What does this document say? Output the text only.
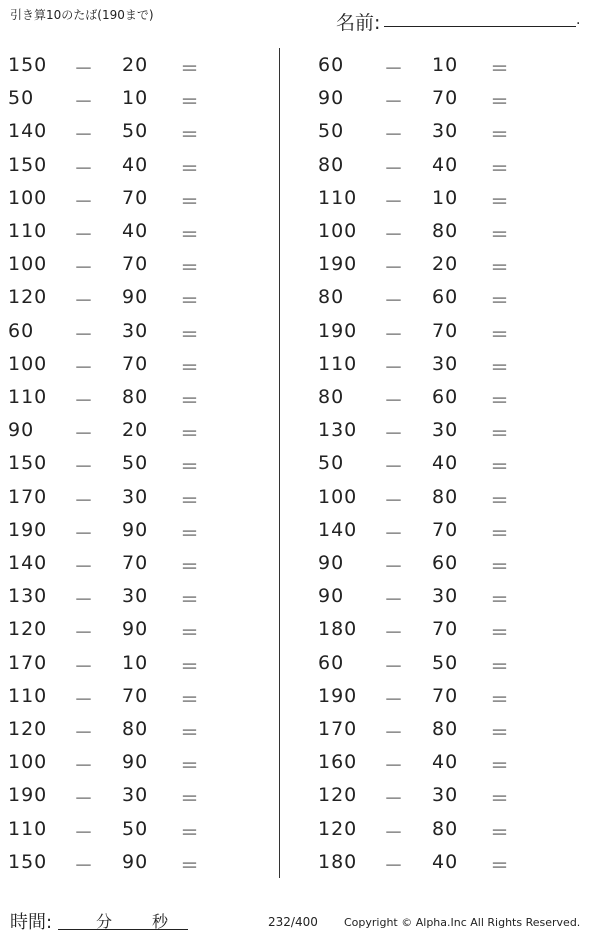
引き算10のたば(190まで)	名前:	.
150 － 20	＝
50	－ 10	＝
140 － 50	＝
150 － 40	＝
100 － 70	＝
110 － 40	＝
100 － 70	＝
120 － 90	＝
60	－ 30	＝
100 － 70	＝
110 － 80	＝
90	－ 20	＝
150 － 50	＝
170 － 30	＝
190 － 90	＝
140 － 70	＝
130 － 30	＝
120 － 90	＝
170 － 10	＝
110 － 70	＝
120 － 80	＝
100 － 90	＝
190 － 30	＝
110 － 50	＝
150 － 90	＝
60	－ 10	＝
90	－ 70	＝
50	－ 30	＝
80	－ 40	＝
110 － 10	＝
100 － 80	＝
190 － 20	＝
80	－ 60	＝
190 － 70	＝
110 － 30	＝
80	－ 60	＝
130 － 30	＝
50	－ 40	＝
100 － 80	＝
140 － 70	＝
90	－ 60	＝
90	－ 30	＝
180 － 70	＝
60	－ 50	＝
190 － 70	＝
170 － 80	＝
160 － 40	＝
120 － 30	＝
120 － 80	＝
180 － 40	＝
時間:	分 秒	232/400 Copyright © Alpha.Inc All Rights Reserved.
